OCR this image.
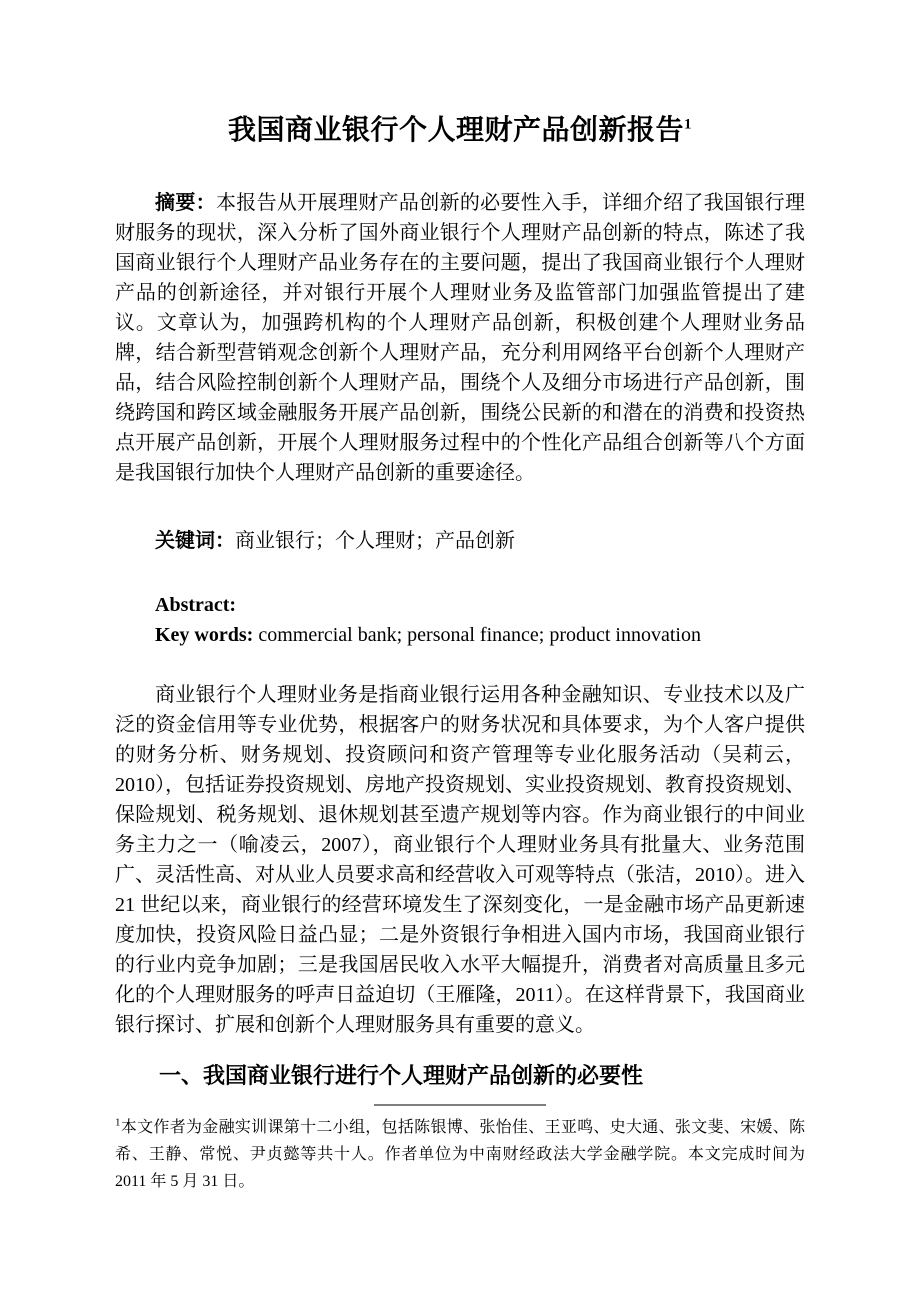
我国商业银行个人理财产品创新报告$^1$

摘要：本报告从开展理财产品创新的必要性入手，详细介绍了我国银行理财服务的现状，深入分析了国外商业银行个人理财产品创新的特点，陈述了我国商业银行个人理财产品业务存在的主要问题，提出了我国商业银行个人理财产品的创新途径，并对银行开展个人理财业务及监管部门加强监管提出了建议。文章认为，加强跨机构的个人理财产品创新，积极创建个人理财业务品牌，结合新型营销观念创新个人理财产品，充分利用网络平台创新个人理财产品，结合风险控制创新个人理财产品，围绕个人及细分市场进行产品创新，围绕跨国和跨区域金融服务开展产品创新，围绕公民新的和潜在的消费和投资热点开展产品创新，开展个人理财服务过程中的个性化产品组合创新等八个方面是我国银行加快个人理财产品创新的重要途径。

关键词：商业银行；个人理财；产品创新

Abstract:

Key words: commercial bank; personal finance; product innovation

商业银行个人理财业务是指商业银行运用各种金融知识、专业技术以及广泛的资金信用等专业优势，根据客户的财务状况和具体要求，为个人客户提供的财务分析、财务规划、投资顾问和资产管理等专业化服务活动（吴莉云，2010），包括证券投资规划、房地产投资规划、实业投资规划、教育投资规划、保险规划、税务规划、退休规划甚至遗产规划等内容。作为商业银行的中间业务主力之一（喻凌云，2007），商业银行个人理财业务具有批量大、业务范围广、灵活性高、对从业人员要求高和经营收入可观等特点（张洁，2010）。进入 21 世纪以来，商业银行的经营环境发生了深刻变化，一是金融市场产品更新速度加快，投资风险日益凸显；二是外资银行争相进入国内市场，我国商业银行的行业内竞争加剧；三是我国居民收入水平大幅提升，消费者对高质量且多元化的个人理财服务的呼声日益迫切（王雁隆，2011）。在这样背景下，我国商业银行探讨、扩展和创新个人理财服务具有重要的意义。

一、我国商业银行进行个人理财产品创新的必要性

$^1$本文作者为金融实训课第十二小组，包括陈银博、张怡佳、王亚鸣、史大通、张文斐、宋媛、陈希、王静、常悦、尹贞懿等共十人。作者单位为中南财经政法大学金融学院。本文完成时间为 2011 年 5 月 31 日。
